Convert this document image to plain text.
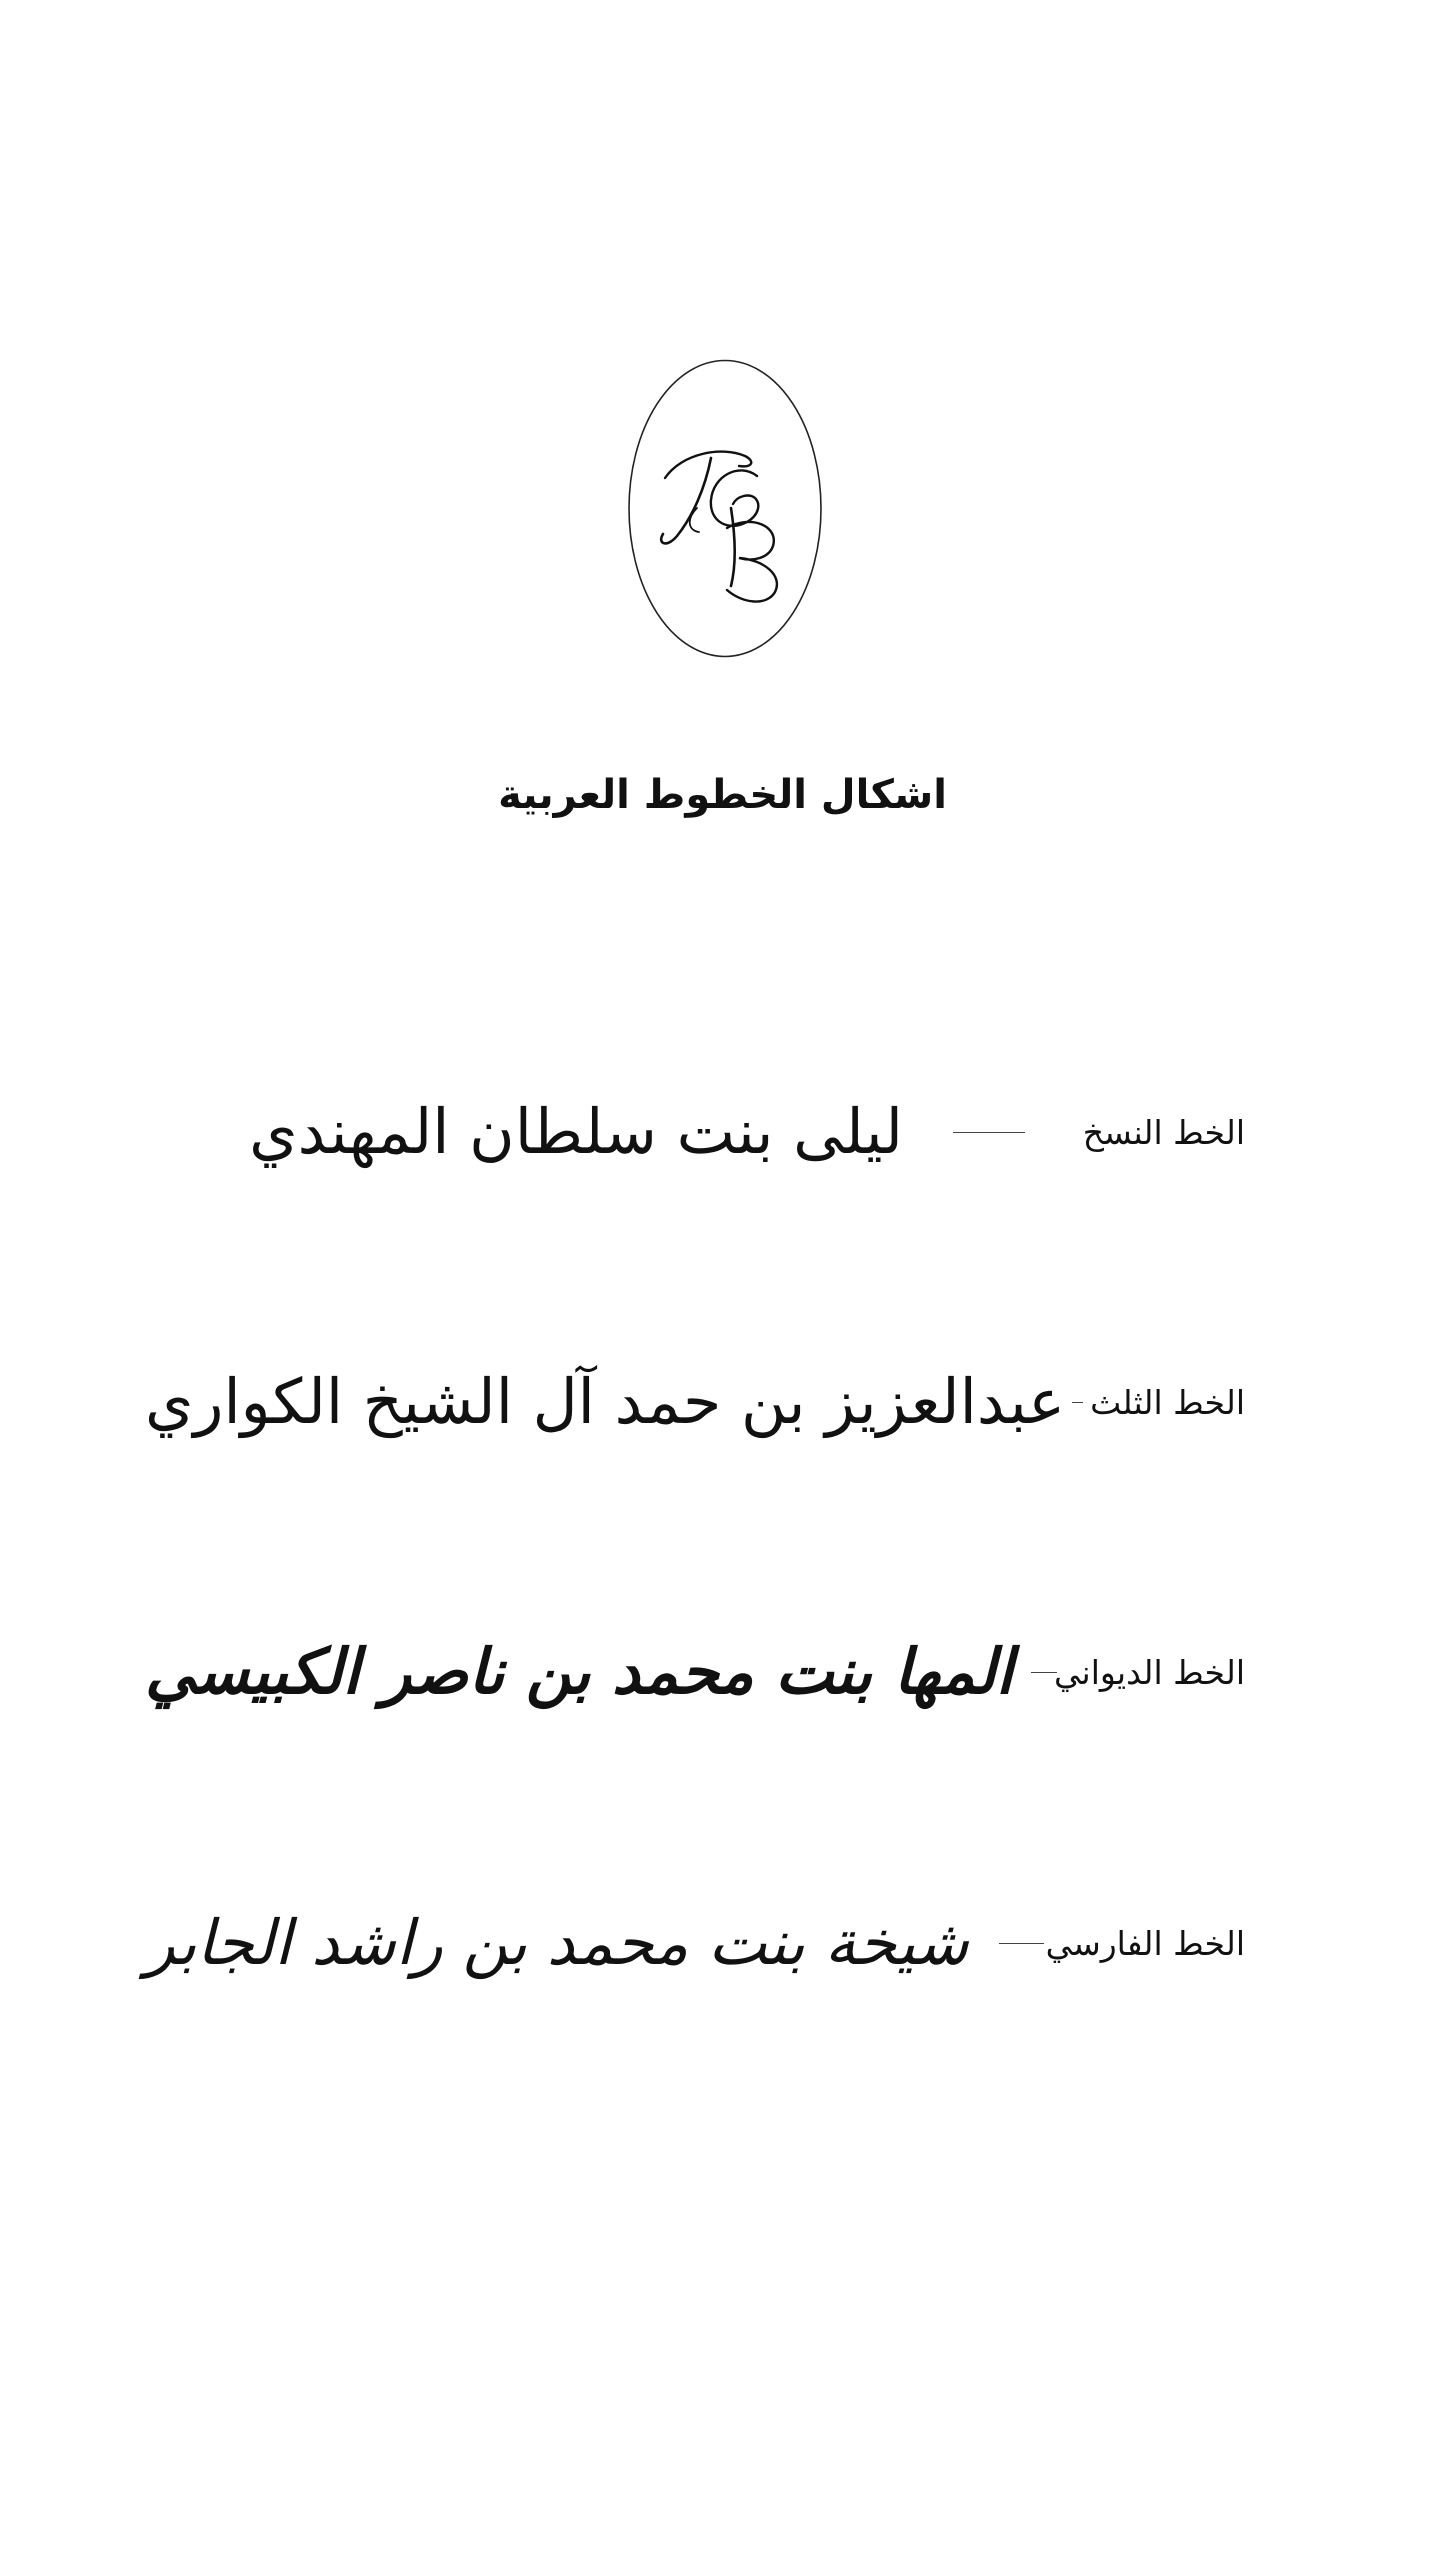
اشكال الخطوط العربية
الخط النسخ
ليلى بنت سلطان المهندي
الخط الثلث
عبدالعزيز بن حمد آل الشيخ الكواري
الخط الديواني
المها بنت محمد بن ناصر الكبيسي
الخط الفارسي
شيخة بنت محمد بن راشد الجابر
